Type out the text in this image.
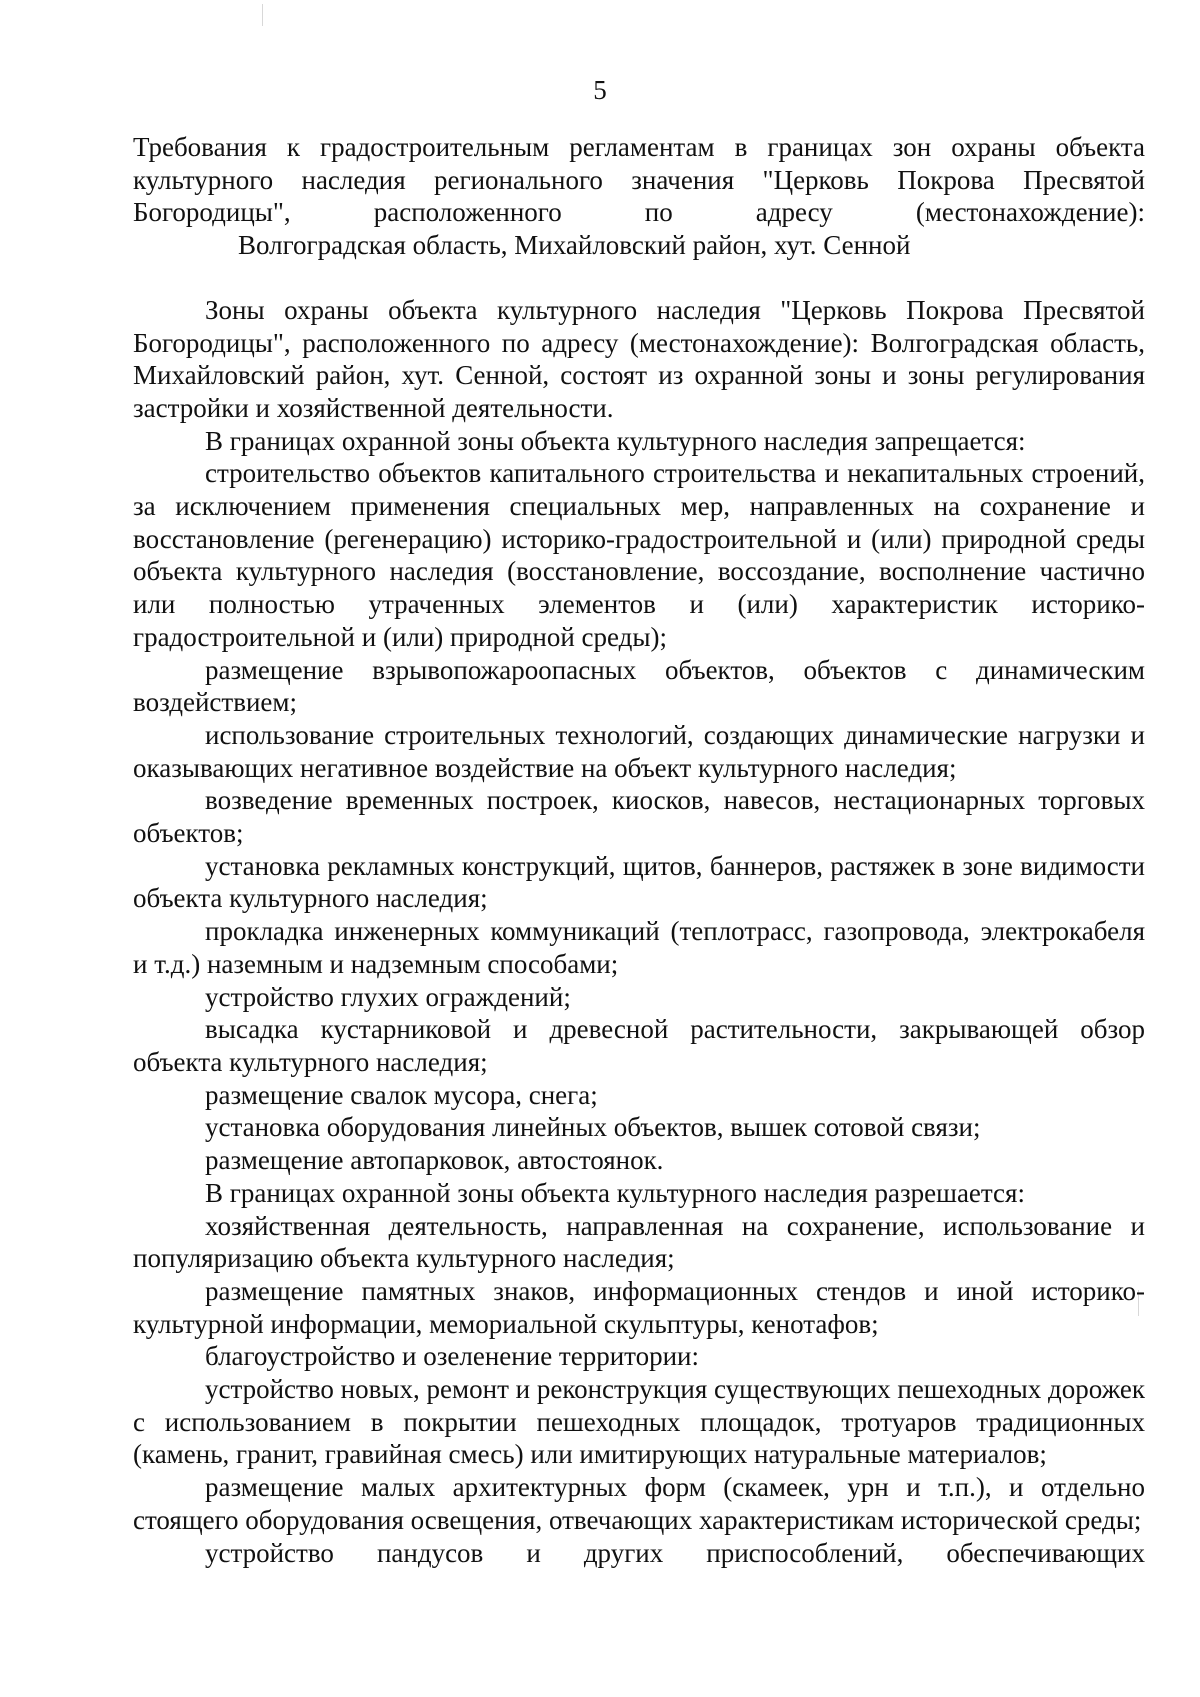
5

Требования к градостроительным регламентам в границах зон охраны объекта

культурного наследия регионального значения "Церковь Покрова Пресвятой

Богородицы", расположенного по адресу (местонахождение):

Волгоградская область, Михайловский район, хут. Сенной

Зоны охраны объекта культурного наследия "Церковь Покрова Пресвятой Богородицы", расположенного по адресу (местонахождение): Волгоградская область, Михайловский район, хут. Сенной, состоят из охранной зоны и зоны регулирования застройки и хозяйственной деятельности.

В границах охранной зоны объекта культурного наследия запрещается:

строительство объектов капитального строительства и некапитальных строений, за исключением применения специальных мер, направленных на сохранение и восстановление (регенерацию) историко-градостроительной и (или) природной среды объекта культурного наследия (восстановление, воссоздание, восполнение частично или полностью утраченных элементов и (или) характеристик историко-градостроительной и (или) природной среды);

размещение взрывопожароопасных объектов, объектов с динамическим воздействием;

использование строительных технологий, создающих динамические нагрузки и оказывающих негативное воздействие на объект культурного наследия;

возведение временных построек, киосков, навесов, нестационарных торговых объектов;

установка рекламных конструкций, щитов, баннеров, растяжек в зоне видимости объекта культурного наследия;

прокладка инженерных коммуникаций (теплотрасс, газопровода, электрокабеля и т.д.) наземным и надземным способами;

устройство глухих ограждений;

высадка кустарниковой и древесной растительности, закрывающей обзор объекта культурного наследия;

размещение свалок мусора, снега;

установка оборудования линейных объектов, вышек сотовой связи;

размещение автопарковок, автостоянок.

В границах охранной зоны объекта культурного наследия разрешается:

хозяйственная деятельность, направленная на сохранение, использование и популяризацию объекта культурного наследия;

размещение памятных знаков, информационных стендов и иной историко-культурной информации, мемориальной скульптуры, кенотафов;

благоустройство и озеленение территории:

устройство новых, ремонт и реконструкция существующих пешеходных дорожек с использованием в покрытии пешеходных площадок, тротуаров традиционных (камень, гранит, гравийная смесь) или имитирующих натуральные материалов;

размещение малых архитектурных форм (скамеек, урн и т.п.), и отдельно стоящего оборудования освещения, отвечающих характеристикам исторической среды;

устройство пандусов и других приспособлений, обеспечивающих
